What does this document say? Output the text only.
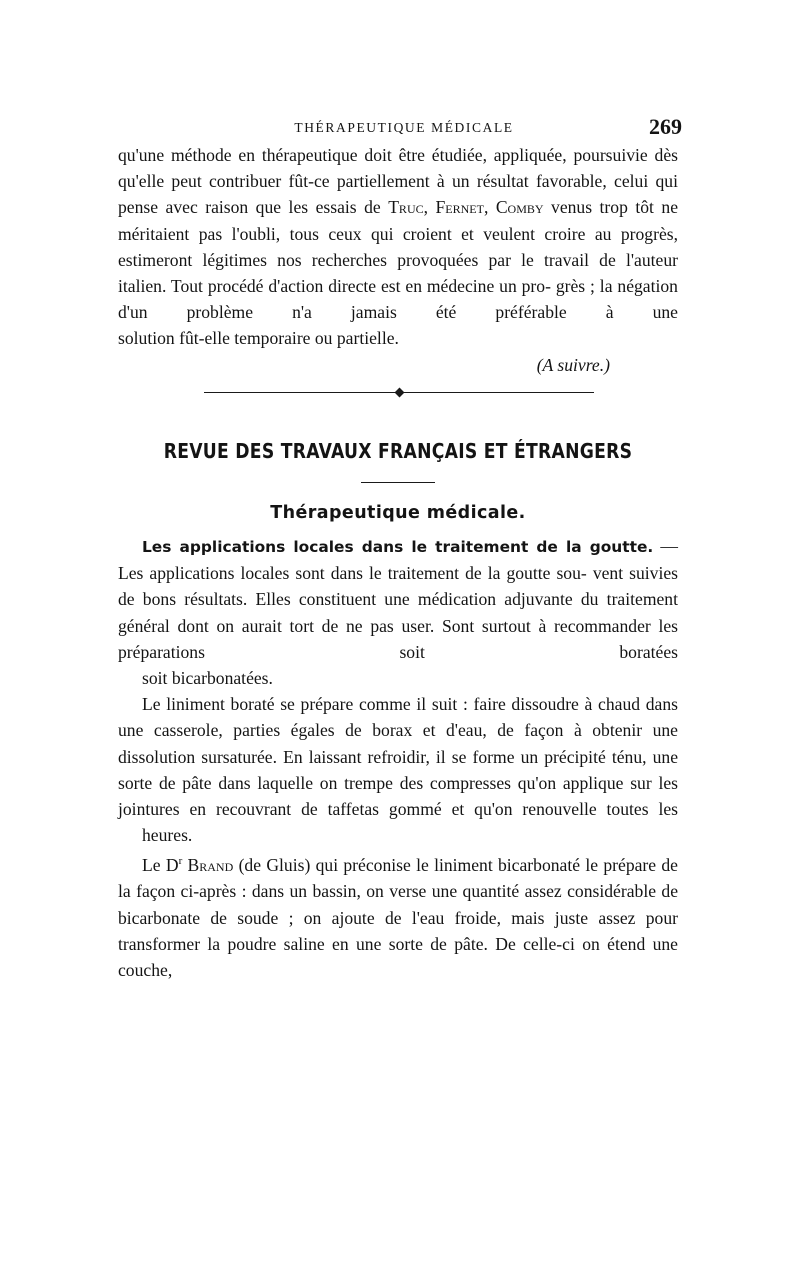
THÉRAPEUTIQUE MÉDICALE	269

qu'une méthode en thérapeutique doit être étudiée, appliquée, poursuivie dès qu'elle peut contribuer fût-ce partiellement à un résultat favorable, celui qui pense avec raison que les essais de Truc, Fernet, Comby venus trop tôt ne méritaient pas l'oubli, tous ceux qui croient et veulent croire au progrès, estimeront légitimes nos recherches provoquées par le travail de l'auteur italien. Tout procédé d'action directe est en médecine un pro- grès ; la négation d'un problème n'a jamais été préférable à une
solution fût-elle temporaire ou partielle.

(A suivre.)

REVUE DES TRAVAUX FRANÇAIS ET ÉTRANGERS
Thérapeutique médicale.

Les applications locales dans le traitement de la goutte. — Les applications locales sont dans le traitement de la goutte sou- vent suivies de bons résultats. Elles constituent une médication adjuvante du traitement général dont on aurait tort de ne pas user. Sont surtout à recommander les préparations soit boratées
soit bicarbonatées.

Le liniment boraté se prépare comme il suit : faire dissoudre à chaud dans une casserole, parties égales de borax et d'eau, de façon à obtenir une dissolution sursaturée. En laissant refroidir, il se forme un précipité ténu, une sorte de pâte dans laquelle on trempe des compresses qu'on applique sur les jointures en recouvrant de taffetas gommé et qu'on renouvelle toutes les
heures.

Le $D^r$ Brand (de Gluis) qui préconise le liniment bicarbonaté le prépare de la façon ci-après : dans un bassin, on verse une quantité assez considérable de bicarbonate de soude ; on ajoute de l'eau froide, mais juste assez pour transformer la poudre saline en une sorte de pâte. De celle-ci on étend une couche,
